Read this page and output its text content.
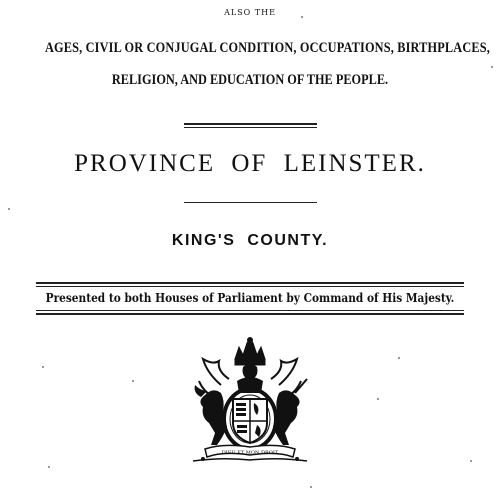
ALSO THE
AGES, CIVIL OR CONJUGAL CONDITION, OCCUPATIONS, BIRTHPLACES,
RELIGION, AND EDUCATION OF THE PEOPLE.
PROVINCE OF LEINSTER.
KING'S COUNTY.
Presented to both Houses of Parliament by Command of His Majesty.
DIEU ET MON DROIT
